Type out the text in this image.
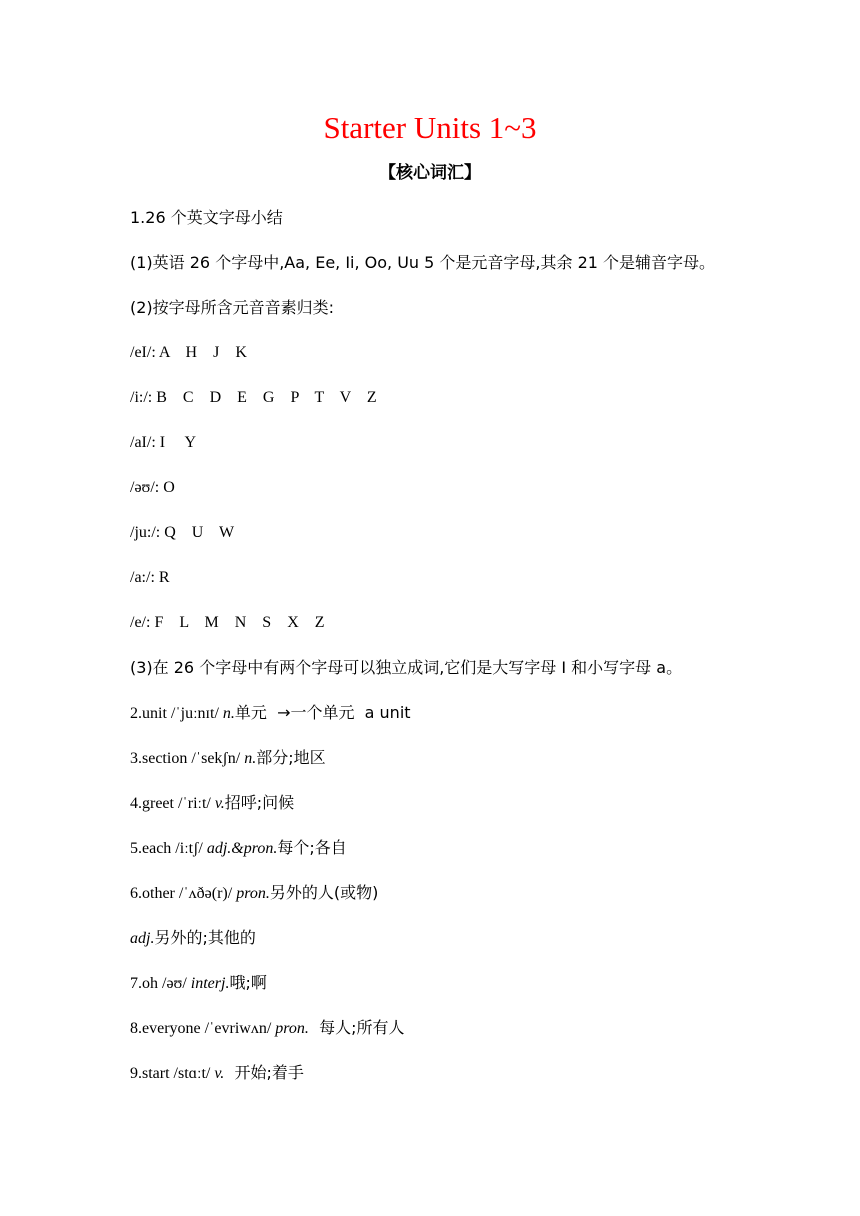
Starter Units 1~3
【核心词汇】
1.26 个英文字母小结
(1)英语 26 个字母中,Aa, Ee, Ii, Oo, Uu 5 个是元音字母,其余 21 个是辅音字母。
(2)按字母所含元音音素归类:
/eI/: A    H    J    K
/i:/: B    C    D    E    G    P    T    V    Z
/aI/: I     Y
/əʊ/: O
/ju:/: Q    U    W
/a:/: R
/e/: F    L    M    N    S    X    Z
(3)在 26 个字母中有两个字母可以独立成词,它们是大写字母 I 和小写字母 a。
2.unit /ˈjuːnɪt/ n.单元  →一个单元  a unit
3.section /ˈsekʃn/ n.部分;地区
4.greet /ˈriːt/ v.招呼;问候
5.each /iːtʃ/ adj.&pron.每个;各自
6.other /ˈʌðə(r)/ pron.另外的人(或物)
adj.另外的;其他的
7.oh /əʊ/ interj.哦;啊
8.everyone /ˈevriwʌn/ pron.  每人;所有人
9.start /stɑːt/ v.  开始;着手
